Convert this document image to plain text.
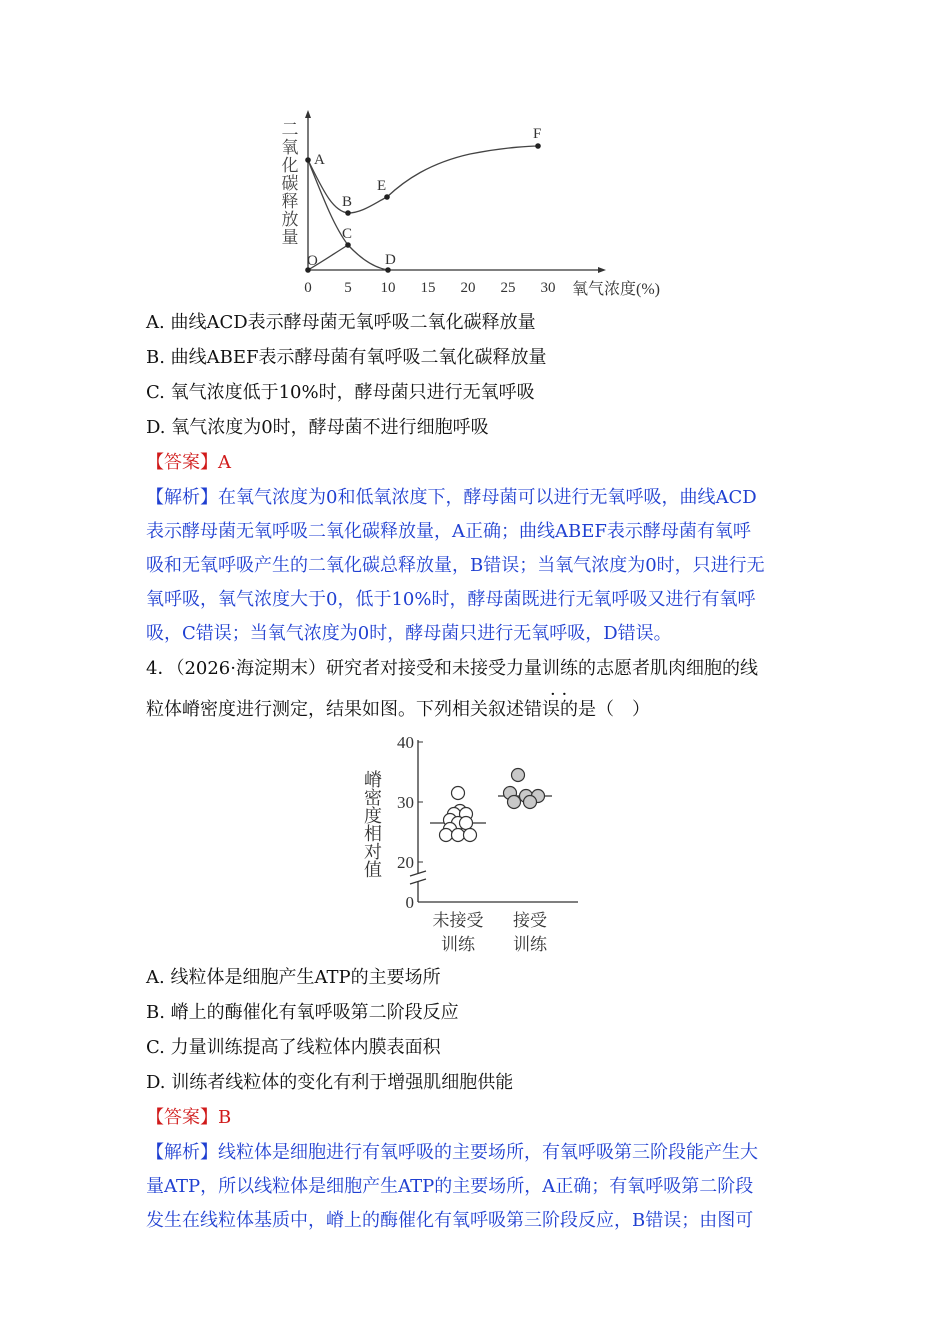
二氧化碳释放量
0 5 10 15 20 25 30 氧气浓度(%)
A
B
C
D
E
F
O
A. 曲线ACD表示酵母菌无氧呼吸二氧化碳释放量
B. 曲线ABEF表示酵母菌有氧呼吸二氧化碳释放量
C. 氧气浓度低于10%时，酵母菌只进行无氧呼吸
D. 氧气浓度为0时，酵母菌不进行细胞呼吸
【答案】A
【解析】在氧气浓度为0和低氧浓度下，酵母菌可以进行无氧呼吸，曲线ACD
表示酵母菌无氧呼吸二氧化碳释放量，A正确；曲线ABEF表示酵母菌有氧呼
吸和无氧呼吸产生的二氧化碳总释放量，B错误；当氧气浓度为0时，只进行无
氧呼吸，氧气浓度大于0，低于10%时，酵母菌既进行无氧呼吸又进行有氧呼
吸，C错误；当氧气浓度为0时，酵母菌只进行无氧呼吸，D错误。
4．（2026·海淀期末）研究者对接受和未接受力量训练的志愿者肌肉细胞的线
· ·
粒体嵴密度进行测定，结果如图。下列相关叙述错误的是（　）
40
30
20
0
嵴密度相对值
未接受
训练
接受
训练
A. 线粒体是细胞产生ATP的主要场所
B. 嵴上的酶催化有氧呼吸第二阶段反应
C. 力量训练提高了线粒体内膜表面积
D. 训练者线粒体的变化有利于增强肌细胞供能
【答案】B
【解析】线粒体是细胞进行有氧呼吸的主要场所，有氧呼吸第三阶段能产生大
量ATP，所以线粒体是细胞产生ATP的主要场所，A正确；有氧呼吸第二阶段
发生在线粒体基质中，嵴上的酶催化有氧呼吸第三阶段反应，B错误；由图可
